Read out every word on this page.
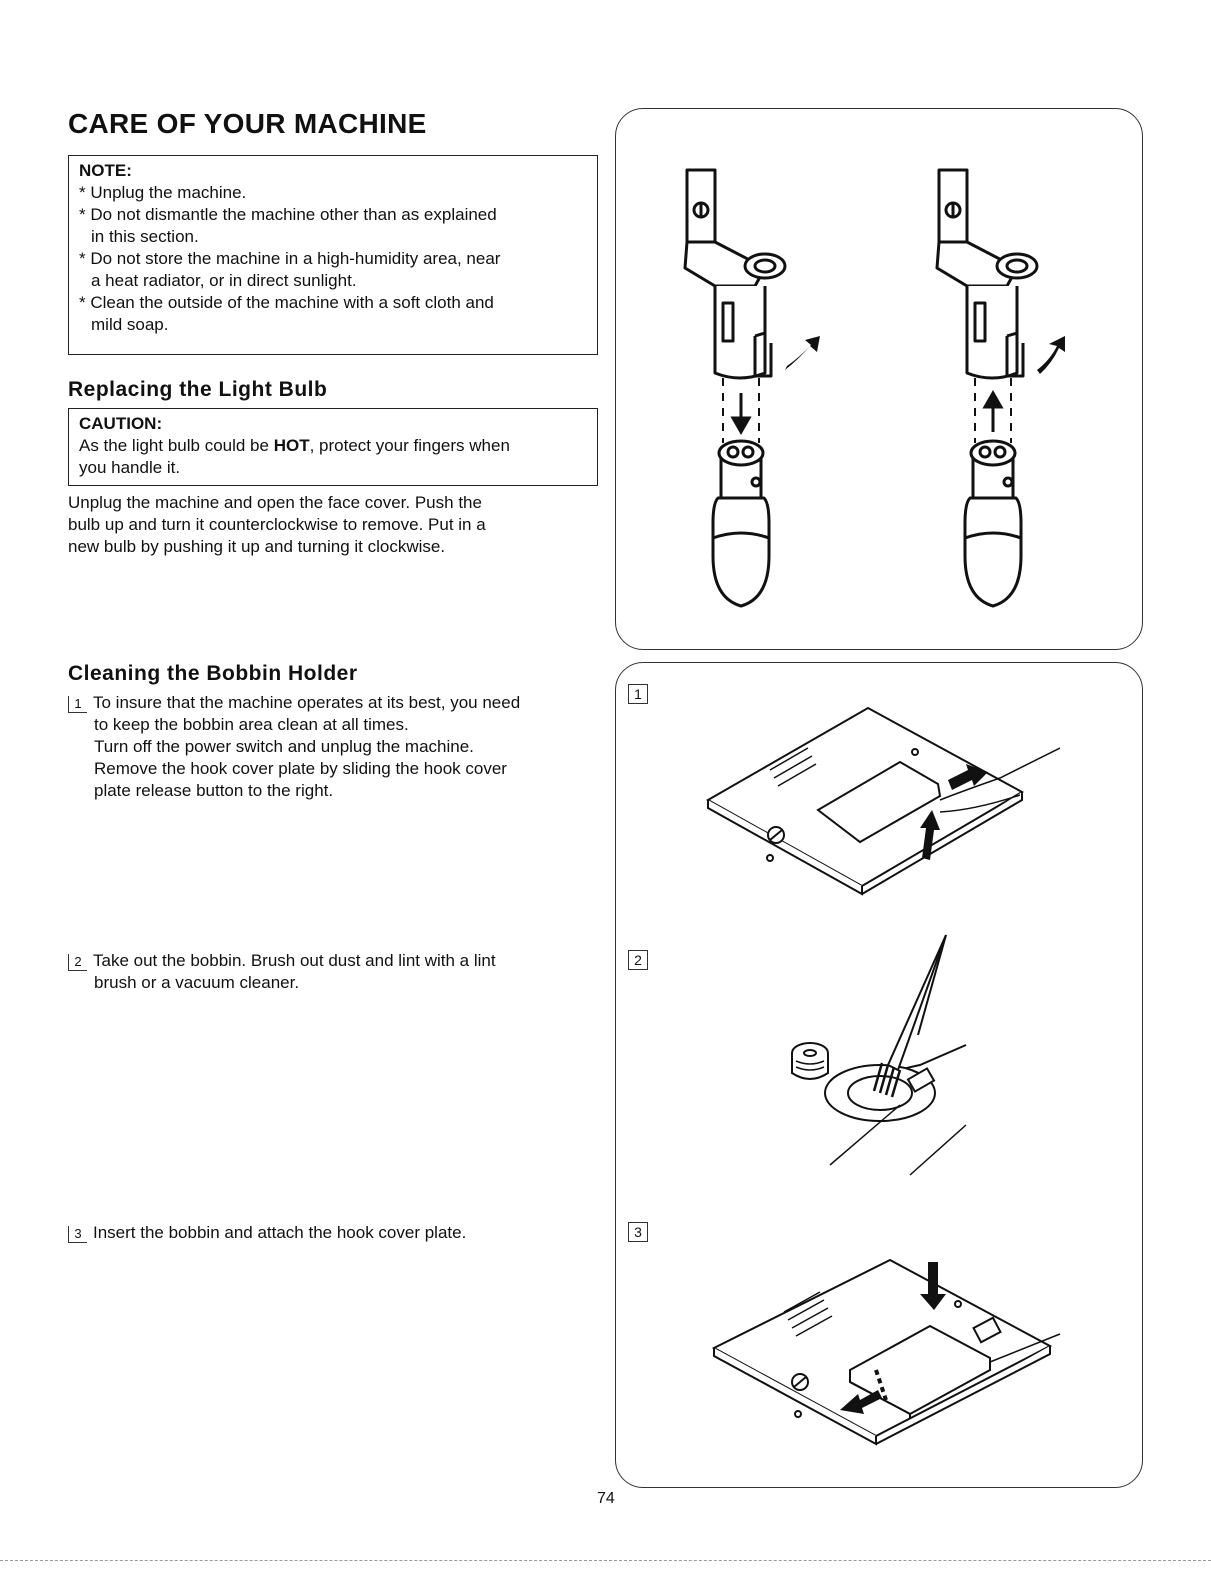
CARE OF YOUR MACHINE
NOTE:
* Unplug the machine.
* Do not dismantle the machine other than as explained
in this section.
* Do not store the machine in a high-humidity area, near
a heat radiator, or in direct sunlight.
* Clean the outside of the machine with a soft cloth and
mild soap.
Replacing the Light Bulb
CAUTION:
As the light bulb could be HOT, protect your fingers when
you handle it.

Unplug the machine and open the face cover. Push the

bulb up and turn it counterclockwise to remove. Put in a

new bulb by pushing it up and turning it clockwise.

Cleaning the Bobbin Holder
1 To insure that the machine operates at its best, you need
to keep the bobbin area clean at all times.
Turn off the power switch and unplug the machine.
Remove the hook cover plate by sliding the hook cover
plate release button to the right.
2 Take out the bobbin. Brush out dust and lint with a lint
brush or a vacuum cleaner.
3 Insert the bobbin and attach the hook cover plate.
1
2
3
74
